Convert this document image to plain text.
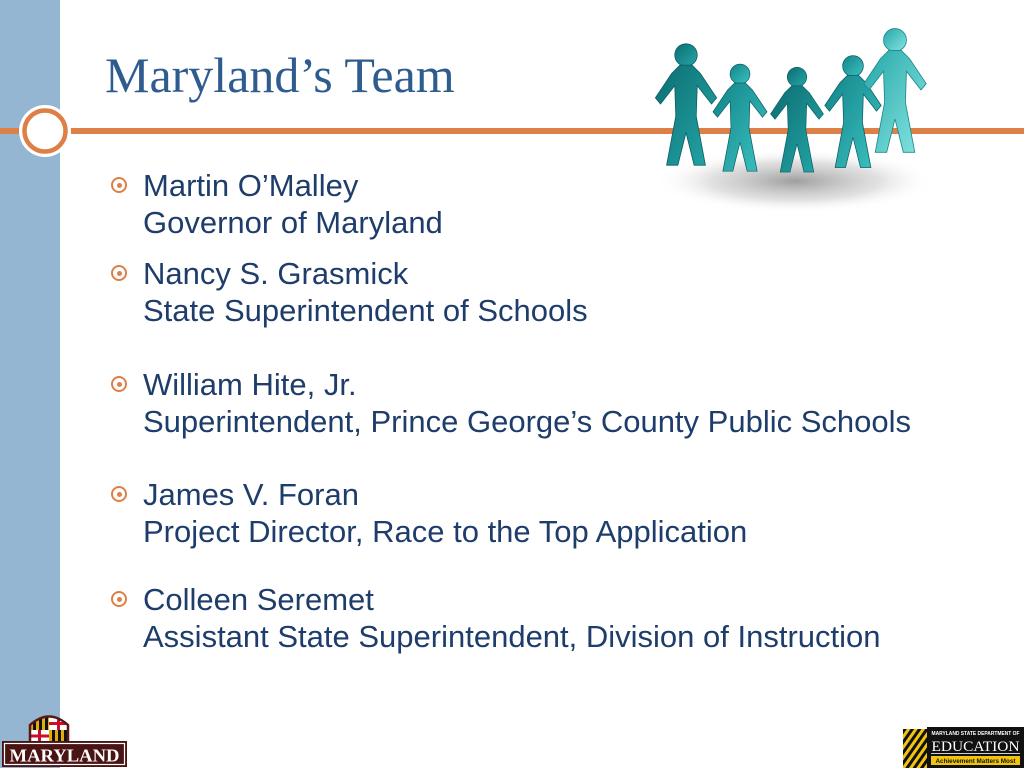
Maryland’s Team
Martin O’Malley
Governor of Maryland
Nancy S. Grasmick
State Superintendent of Schools
William Hite, Jr.
Superintendent, Prince George’s County Public Schools
James V. Foran
Project Director, Race to the Top Application
Colleen Seremet
Assistant State Superintendent, Division of Instruction
MARYLAND
MARYLAND STATE DEPARTMENT OF
EDUCATION
Achievement Matters Most
